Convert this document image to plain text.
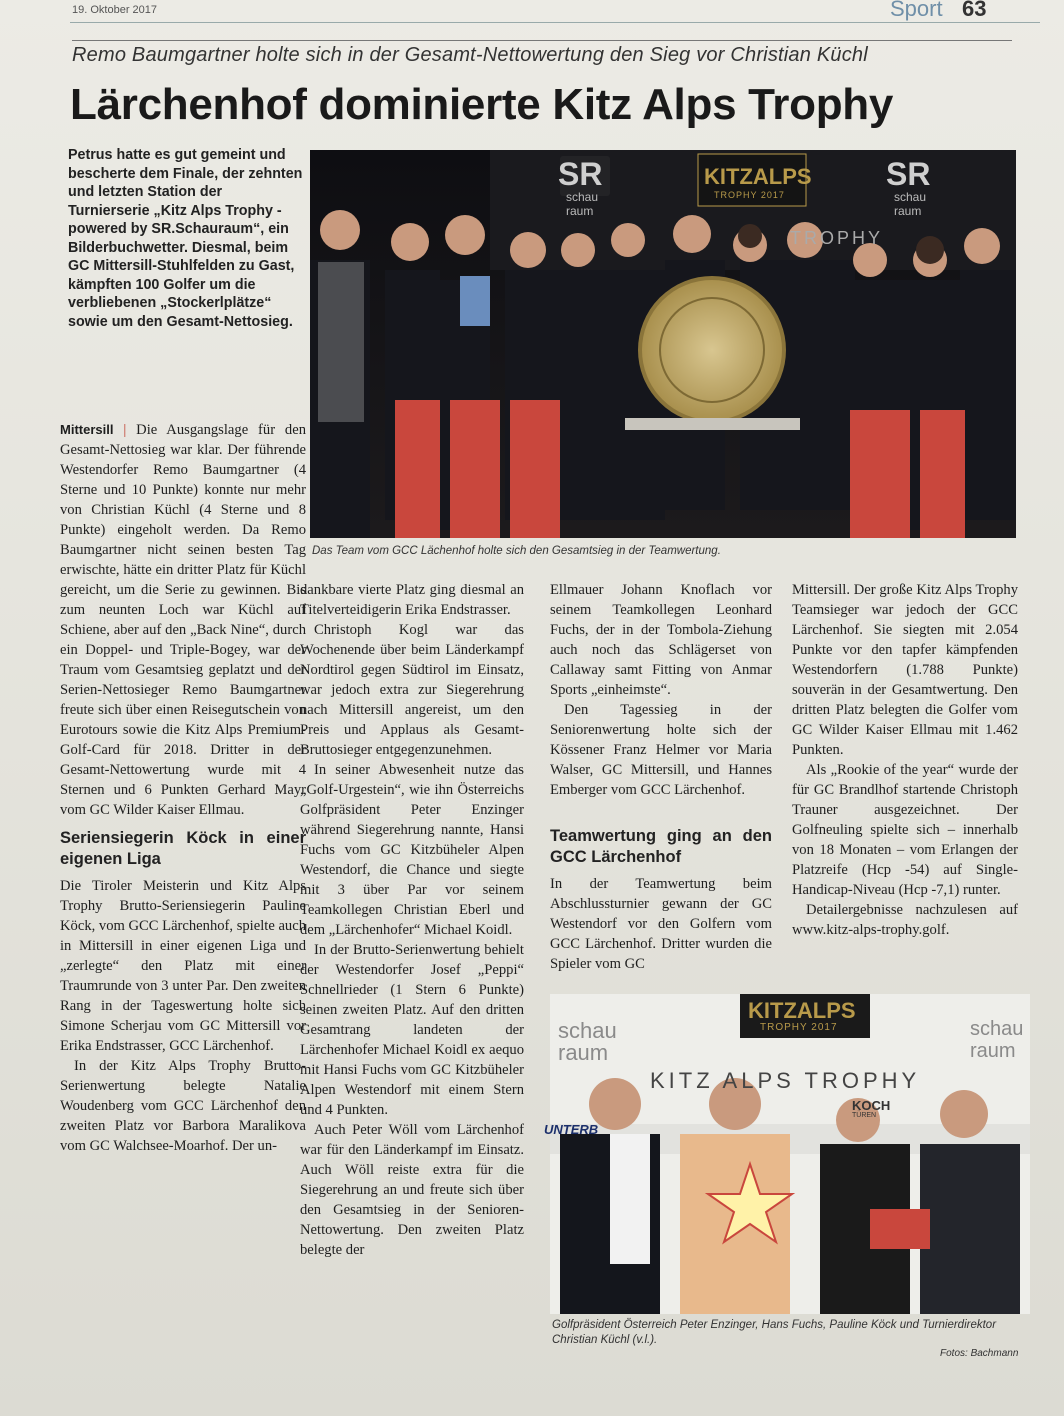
19. Oktober 2017	Sport 63
Remo Baumgartner holte sich in der Gesamt-Nettowertung den Sieg vor Christian Küchl
Lärchenhof dominierte Kitz Alps Trophy
Petrus hatte es gut gemeint und bescherte dem Finale, der zehnten und letzten Station der Turnierserie „Kitz Alps Trophy - powered by SR.Schauraum“, ein Bilderbuchwetter. Diesmal, beim GC Mittersill-Stuhlfelden zu Gast, kämpften 100 Golfer um die verbliebenen „Stockerlplätze“ sowie um den Gesamt-Nettosieg.
SR
schau
raum
KITZALPS
TROPHY 2017
SR
schau
raum
TROPHY
Das Team vom GCC Lächenhof holte sich den Gesamtsieg in der Teamwertung.

Mittersill | Die Ausgangslage für den Gesamt-Nettosieg war klar. Der führende Westendorfer Remo Baumgartner (4 Sterne und 10 Punkte) konnte nur mehr von Christian Küchl (4 Sterne und 8 Punkte) eingeholt werden. Da Remo Baumgartner nicht seinen besten Tag erwischte, hätte ein dritter Platz für Küchl gereicht, um die Serie zu gewinnen. Bis zum neunten Loch war Küchl auf Schiene, aber auf den „Back Nine“, durch ein Doppel- und Triple-Bogey, war der Traum vom Gesamtsieg geplatzt und der Serien-Nettosieger Remo Baumgartner freute sich über einen Reisegutschein von Eurotours sowie die Kitz Alps Premium-Golf-Card für 2018. Dritter in der Gesamt-Nettowertung wurde mit 4 Sternen und 6 Punkten Gerhard Mayr vom GC Wilder Kaiser Ellmau.

Seriensiegerin Köck in einer eigenen Liga

Die Tiroler Meisterin und Kitz Alps Trophy Brutto-Seriensiegerin Pauline Köck, vom GCC Lärchenhof, spielte auch in Mittersill in einer eigenen Liga und „zerlegte“ den Platz mit einer Traumrunde von 3 unter Par. Den zweiten Rang in der Tageswertung holte sich Simone Scherjau vom GC Mittersill vor Erika Endstrasser, GCC Lärchenhof.

In der Kitz Alps Trophy Brutto-Serienwertung belegte Natalie Woudenberg vom GCC Lärchenhof den zweiten Platz vor Barbora Maralikova vom GC Walchsee-Moarhof. Der un-

dankbare vierte Platz ging diesmal an Titelverteidigerin Erika Endstrasser.

Christoph Kogl war das Wochenende über beim Länderkampf Nordtirol gegen Südtirol im Einsatz, war jedoch extra zur Siegerehrung nach Mittersill angereist, um den Preis und Applaus als Gesamt-Bruttosieger entgegenzunehmen.

In seiner Abwesenheit nutze das „Golf-Urgestein“, wie ihn Österreichs Golfpräsident Peter Enzinger während Siegerehrung nannte, Hansi Fuchs vom GC Kitzbüheler Alpen Westendorf, die Chance und siegte mit 3 über Par vor seinem Teamkollegen Christian Eberl und dem „Lärchenhofer“ Michael Koidl.

In der Brutto-Serienwertung behielt der Westendorfer Josef „Peppi“ Schnellrieder (1 Stern 6 Punkte) seinen zweiten Platz. Auf den dritten Gesamtrang landeten der Lärchenhofer Michael Koidl ex aequo mit Hansi Fuchs vom GC Kitzbüheler Alpen Westendorf mit einem Stern und 4 Punkten.

Auch Peter Wöll vom Lärchenhof war für den Länderkampf im Einsatz. Auch Wöll reiste extra für die Siegerehrung an und freute sich über den Gesamtsieg in der Senioren-Nettowertung. Den zweiten Platz belegte der

Ellmauer Johann Knoflach vor seinem Teamkollegen Leonhard Fuchs, der in der Tombola-Ziehung auch noch das Schlägerset von Callaway samt Fitting von Anmar Sports „einheimste“.

Den Tagessieg in der Seniorenwertung holte sich der Kössener Franz Helmer vor Maria Walser, GC Mittersill, und Hannes Emberger vom GCC Lärchenhof.

Teamwertung ging an den GCC Lärchenhof

In der Teamwertung beim Abschlussturnier gewann der GC Westendorf vor den Golfern vom GCC Lärchenhof. Dritter wurden die Spieler vom GC

Mittersill. Der große Kitz Alps Trophy Teamsieger war jedoch der GCC Lärchenhof. Sie siegten mit 2.054 Punkte vor den tapfer kämpfenden Westendorfern (1.788 Punkte) souverän in der Gesamtwertung. Den dritten Platz belegten die Golfer vom GC Wilder Kaiser Ellmau mit 1.462 Punkten.

Als „Rookie of the year“ wurde der für GC Brandlhof startende Christoph Trauner ausgezeichnet. Der Golfneuling spielte sich – innerhalb von 18 Monaten – vom Erlangen der Platzreife (Hcp -54) auf Single-Handicap-Niveau (Hcp -7,1) runter.

Detailergebnisse nachzulesen auf www.kitz-alps-trophy.golf.

schau
raum
KITZALPS
TROPHY 2017	schau
raum
KITZ ALPS TROPHY
UNTERB
KOCH
TÜREN
Golfpräsident Österreich Peter Enzinger, Hans Fuchs, Pauline Köck und Turnierdirektor Christian Küchl (v.l.).
Fotos: Bachmann
